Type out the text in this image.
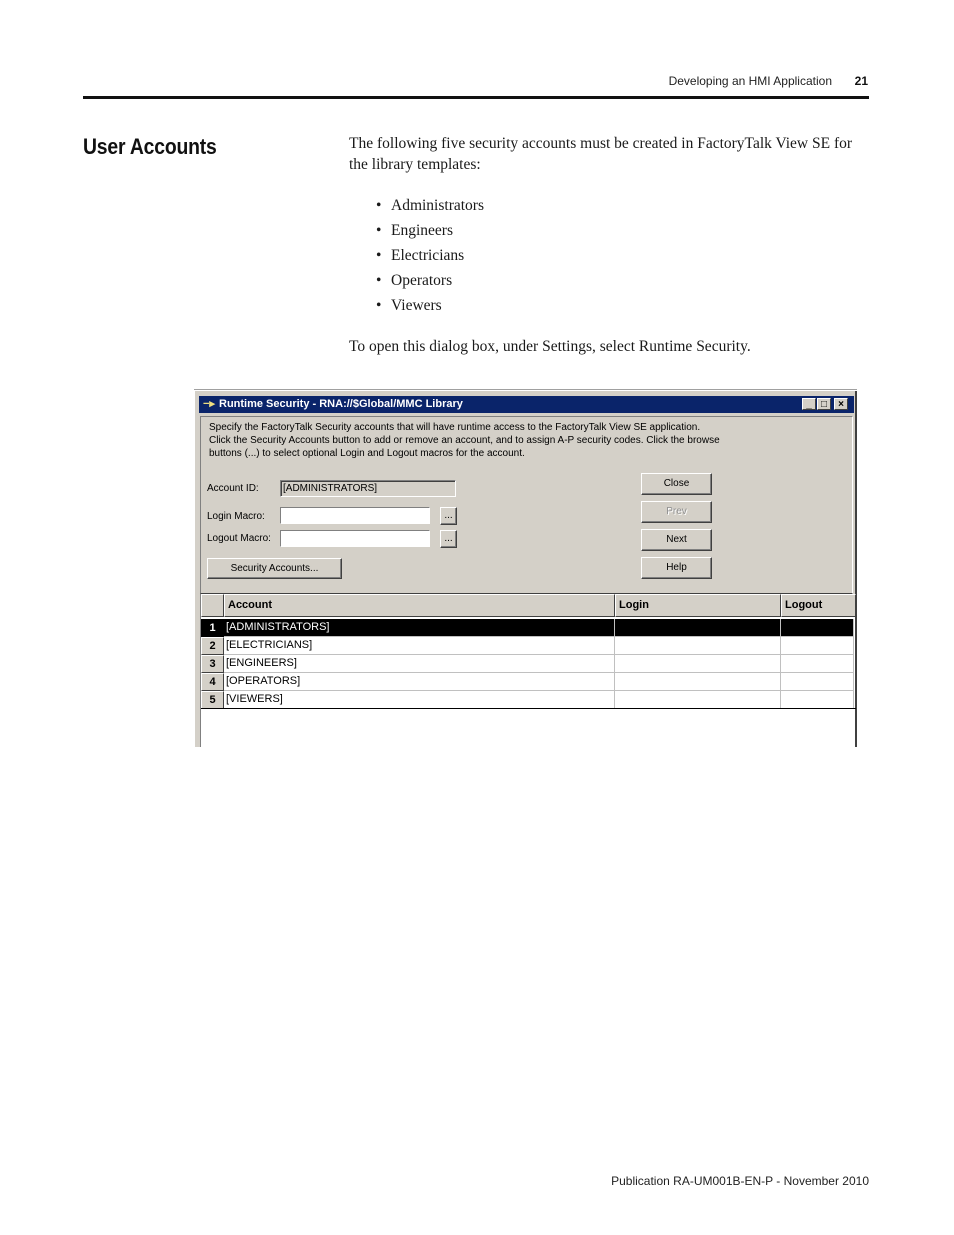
Developing an HMI Application	21
User Accounts	The following five security accounts must be created in FactoryTalk View SE for the library templates:

• Administrators
• Engineers
• Electricians
• Operators
• Viewers

To open this dialog box, under Settings, select Runtime Security.

−▸ Runtime Security - RNA://$Global/MMC Library	_ □	×

Specify the FactoryTalk Security accounts that will have runtime access to the FactoryTalk View SE application.
Click the Security Accounts button to add or remove an account, and to assign A-P security codes. Click the browse
buttons (...) to select optional Login and Logout macros for the account.

Account ID:	[ADMINISTRATORS]
Login Macro:	...
Logout Macro:	...
Security Accounts...
Close
Prev
Next
Help
Account	Login	Logout
1 [ADMINISTRATORS]
2 [ELECTRICIANS]
3 [ENGINEERS]
4 [OPERATORS]
5 [VIEWERS]
Publication RA-UM001B-EN-P - November 2010
